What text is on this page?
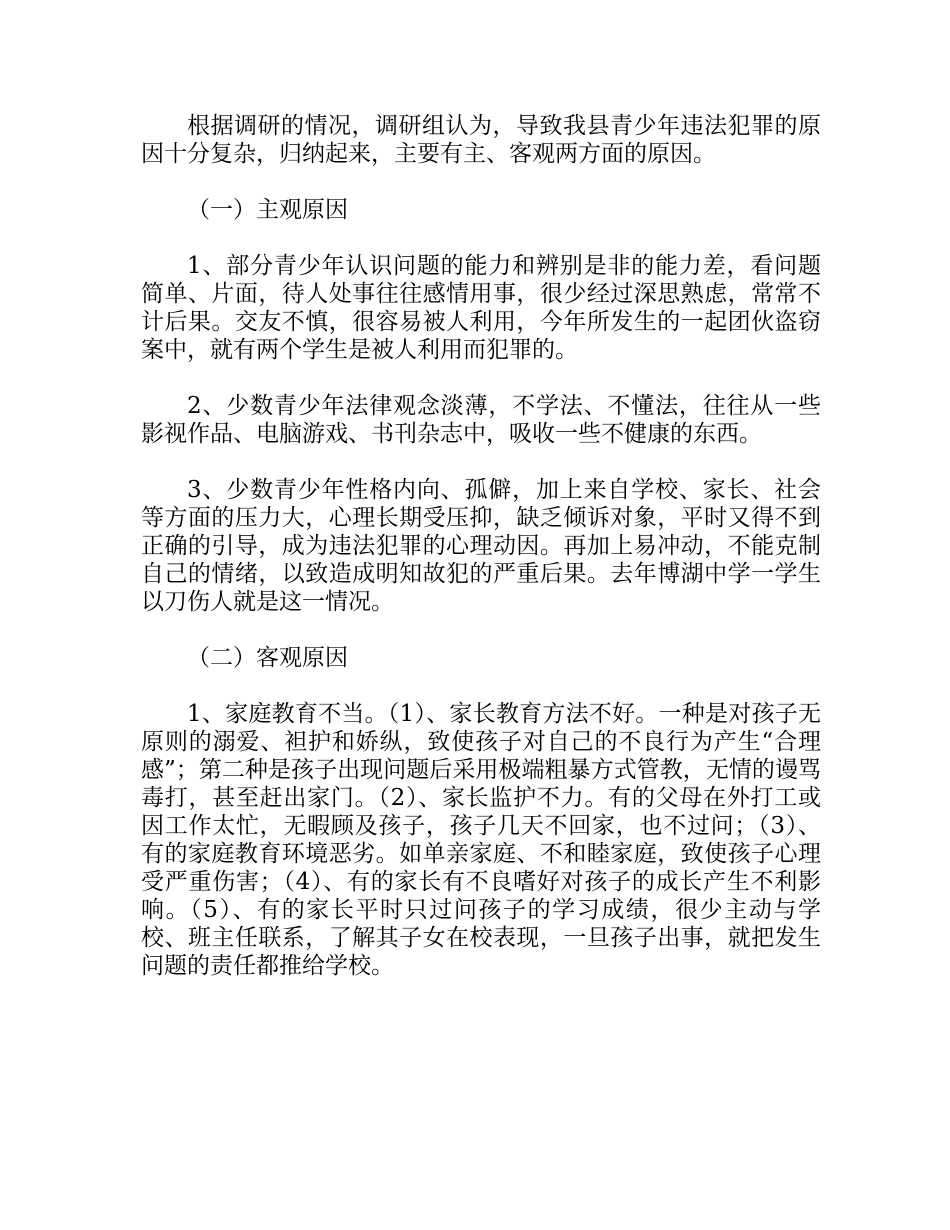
根据调研的情况，调研组认为，导致我县青少年违法犯罪的原因十分复杂，归纳起来，主要有主、客观两方面的原因。

（一）主观原因

1、部分青少年认识问题的能力和辨别是非的能力差，看问题简单、片面，待人处事往往感情用事，很少经过深思熟虑，常常不计后果。交友不慎，很容易被人利用，今年所发生的一起团伙盗窃案中，就有两个学生是被人利用而犯罪的。

2、少数青少年法律观念淡薄，不学法、不懂法，往往从一些影视作品、电脑游戏、书刊杂志中，吸收一些不健康的东西。

3、少数青少年性格内向、孤僻，加上来自学校、家长、社会等方面的压力大，心理长期受压抑，缺乏倾诉对象，平时又得不到正确的引导，成为违法犯罪的心理动因。再加上易冲动，不能克制自己的情绪，以致造成明知故犯的严重后果。去年博湖中学一学生以刀伤人就是这一情况。

（二）客观原因

1、家庭教育不当。（1）、家长教育方法不好。一种是对孩子无原则的溺爱、袒护和娇纵，致使孩子对自己的不良行为产生“合理感”；第二种是孩子出现问题后采用极端粗暴方式管教，无情的谩骂毒打，甚至赶出家门。（2）、家长监护不力。有的父母在外打工或因工作太忙，无暇顾及孩子，孩子几天不回家，也不过问；（3）、有的家庭教育环境恶劣。如单亲家庭、不和睦家庭，致使孩子心理受严重伤害；（4）、有的家长有不良嗜好对孩子的成长产生不利影响。（5）、有的家长平时只过问孩子的学习成绩，很少主动与学校、班主任联系，了解其子女在校表现，一旦孩子出事，就把发生问题的责任都推给学校。
